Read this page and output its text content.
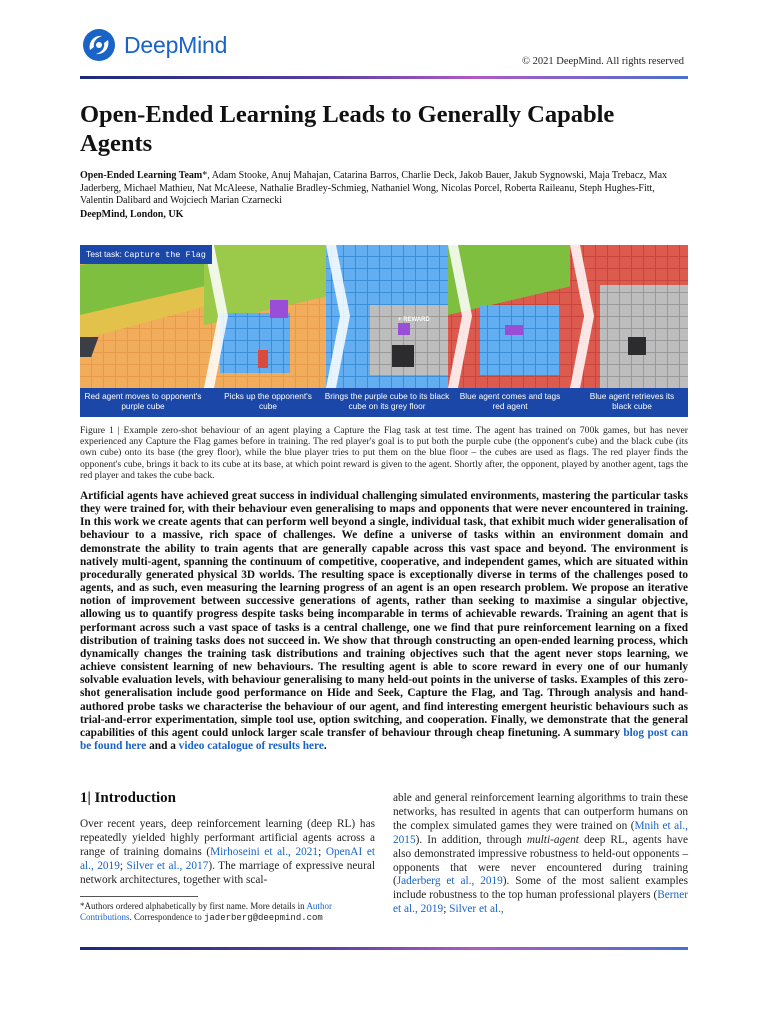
DeepMind
© 2021 DeepMind. All rights reserved
Open-Ended Learning Leads to Generally Capable Agents
Open-Ended Learning Team*, Adam Stooke, Anuj Mahajan, Catarina Barros, Charlie Deck, Jakob Bauer, Jakub Sygnowski, Maja Trebacz, Max Jaderberg, Michael Mathieu, Nat McAleese, Nathalie Bradley-Schmieg, Nathaniel Wong, Nicolas Porcel, Roberta Raileanu, Steph Hughes-Fitt, Valentin Dalibard and Wojciech Marian Czarnecki
DeepMind, London, UK
Test task: Capture the Flag
+ REWARD
Red agent moves to opponent's purple cube
Picks up the opponent's cube
Brings the purple cube to its black cube on its grey floor
Blue agent comes and tags red agent
Blue agent retrieves its black cube
Figure 1 | Example zero-shot behaviour of an agent playing a Capture the Flag task at test time. The agent has trained on 700k games, but has never experienced any Capture the Flag games before in training. The red player's goal is to put both the purple cube (the opponent's cube) and the black cube (its own cube) onto its base (the grey floor), while the blue player tries to put them on the blue floor – the cubes are used as flags. The red player finds the opponent's cube, brings it back to its cube at its base, at which point reward is given to the agent. Shortly after, the opponent, played by another agent, tags the red player and takes the cube back.
Artificial agents have achieved great success in individual challenging simulated environments, mastering the particular tasks they were trained for, with their behaviour even generalising to maps and opponents that were never encountered in training. In this work we create agents that can perform well beyond a single, individual task, that exhibit much wider generalisation of behaviour to a massive, rich space of challenges. We define a universe of tasks within an environment domain and demonstrate the ability to train agents that are generally capable across this vast space and beyond. The environment is natively multi-agent, spanning the continuum of competitive, cooperative, and independent games, which are situated within procedurally generated physical 3D worlds. The resulting space is exceptionally diverse in terms of the challenges posed to agents, and as such, even measuring the learning progress of an agent is an open research problem. We propose an iterative notion of improvement between successive generations of agents, rather than seeking to maximise a singular objective, allowing us to quantify progress despite tasks being incomparable in terms of achievable rewards. Training an agent that is performant across such a vast space of tasks is a central challenge, one we find that pure reinforcement learning on a fixed distribution of training tasks does not succeed in. We show that through constructing an open-ended learning process, which dynamically changes the training task distributions and training objectives such that the agent never stops learning, we achieve consistent learning of new behaviours. The resulting agent is able to score reward in every one of our humanly solvable evaluation levels, with behaviour generalising to many held-out points in the universe of tasks. Examples of this zero-shot generalisation include good performance on Hide and Seek, Capture the Flag, and Tag. Through analysis and hand-authored probe tasks we characterise the behaviour of our agent, and find interesting emergent heuristic behaviours such as trial-and-error experimentation, simple tool use, option switching, and cooperation. Finally, we demonstrate that the general capabilities of this agent could unlock larger scale transfer of behaviour through cheap finetuning. A summary blog post can be found here and a video catalogue of results here.
1| Introduction
Over recent years, deep reinforcement learning (deep RL) has repeatedly yielded highly performant artificial agents across a range of training domains (Mirhoseini et al., 2021; OpenAI et al., 2019; Silver et al., 2017). The marriage of expressive neural network architectures, together with scal-
able and general reinforcement learning algorithms to train these networks, has resulted in agents that can outperform humans on the complex simulated games they were trained on (Mnih et al., 2015). In addition, through multi-agent deep RL, agents have also demonstrated impressive robustness to held-out opponents – opponents that were never encountered during training (Jaderberg et al., 2019). Some of the most salient examples include robustness to the top human professional players (Berner et al., 2019; Silver et al.,
*Authors ordered alphabetically by first name. More details in Author Contributions. Correspondence to jaderberg@deepmind.com
